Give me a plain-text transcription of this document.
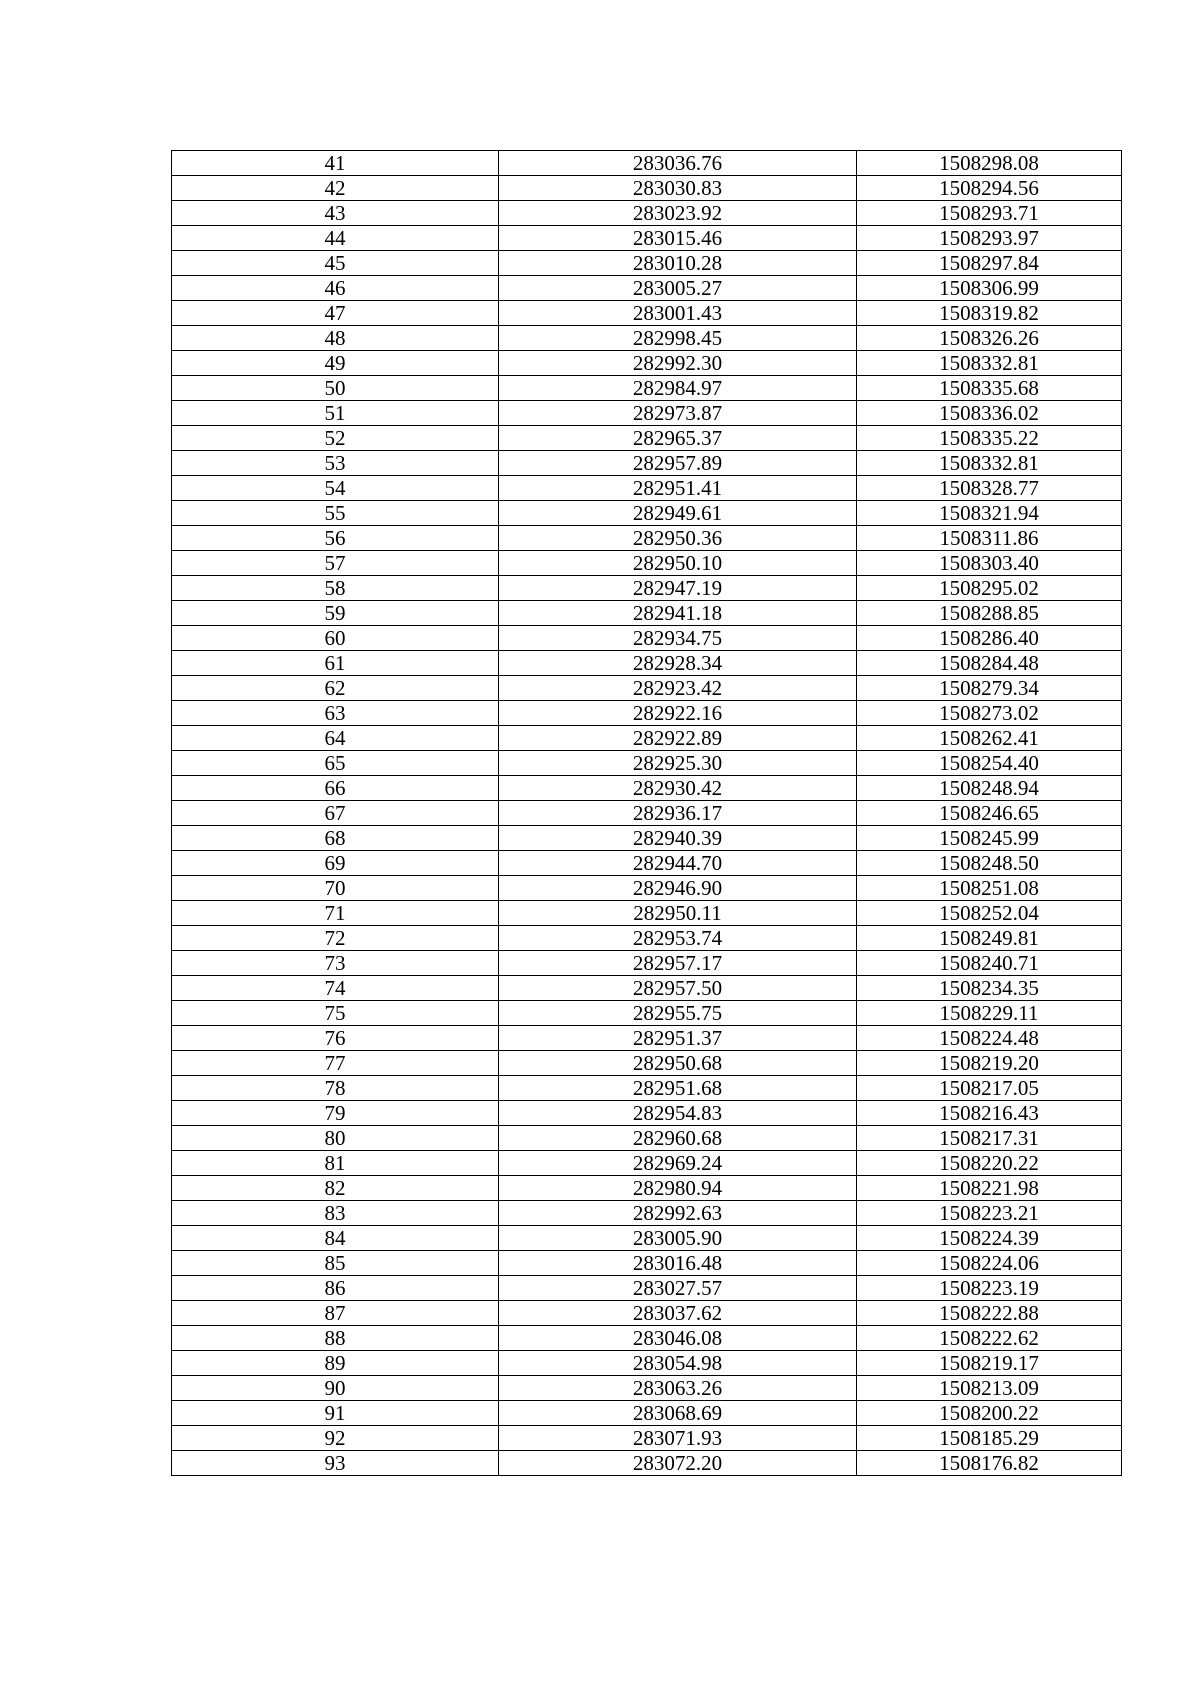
41	283036.76	1508298.08
42	283030.83	1508294.56
43	283023.92	1508293.71
44	283015.46	1508293.97
45	283010.28	1508297.84
46	283005.27	1508306.99
47	283001.43	1508319.82
48	282998.45	1508326.26
49	282992.30	1508332.81
50	282984.97	1508335.68
51	282973.87	1508336.02
52	282965.37	1508335.22
53	282957.89	1508332.81
54	282951.41	1508328.77
55	282949.61	1508321.94
56	282950.36	1508311.86
57	282950.10	1508303.40
58	282947.19	1508295.02
59	282941.18	1508288.85
60	282934.75	1508286.40
61	282928.34	1508284.48
62	282923.42	1508279.34
63	282922.16	1508273.02
64	282922.89	1508262.41
65	282925.30	1508254.40
66	282930.42	1508248.94
67	282936.17	1508246.65
68	282940.39	1508245.99
69	282944.70	1508248.50
70	282946.90	1508251.08
71	282950.11	1508252.04
72	282953.74	1508249.81
73	282957.17	1508240.71
74	282957.50	1508234.35
75	282955.75	1508229.11
76	282951.37	1508224.48
77	282950.68	1508219.20
78	282951.68	1508217.05
79	282954.83	1508216.43
80	282960.68	1508217.31
81	282969.24	1508220.22
82	282980.94	1508221.98
83	282992.63	1508223.21
84	283005.90	1508224.39
85	283016.48	1508224.06
86	283027.57	1508223.19
87	283037.62	1508222.88
88	283046.08	1508222.62
89	283054.98	1508219.17
90	283063.26	1508213.09
91	283068.69	1508200.22
92	283071.93	1508185.29
93	283072.20	1508176.82
